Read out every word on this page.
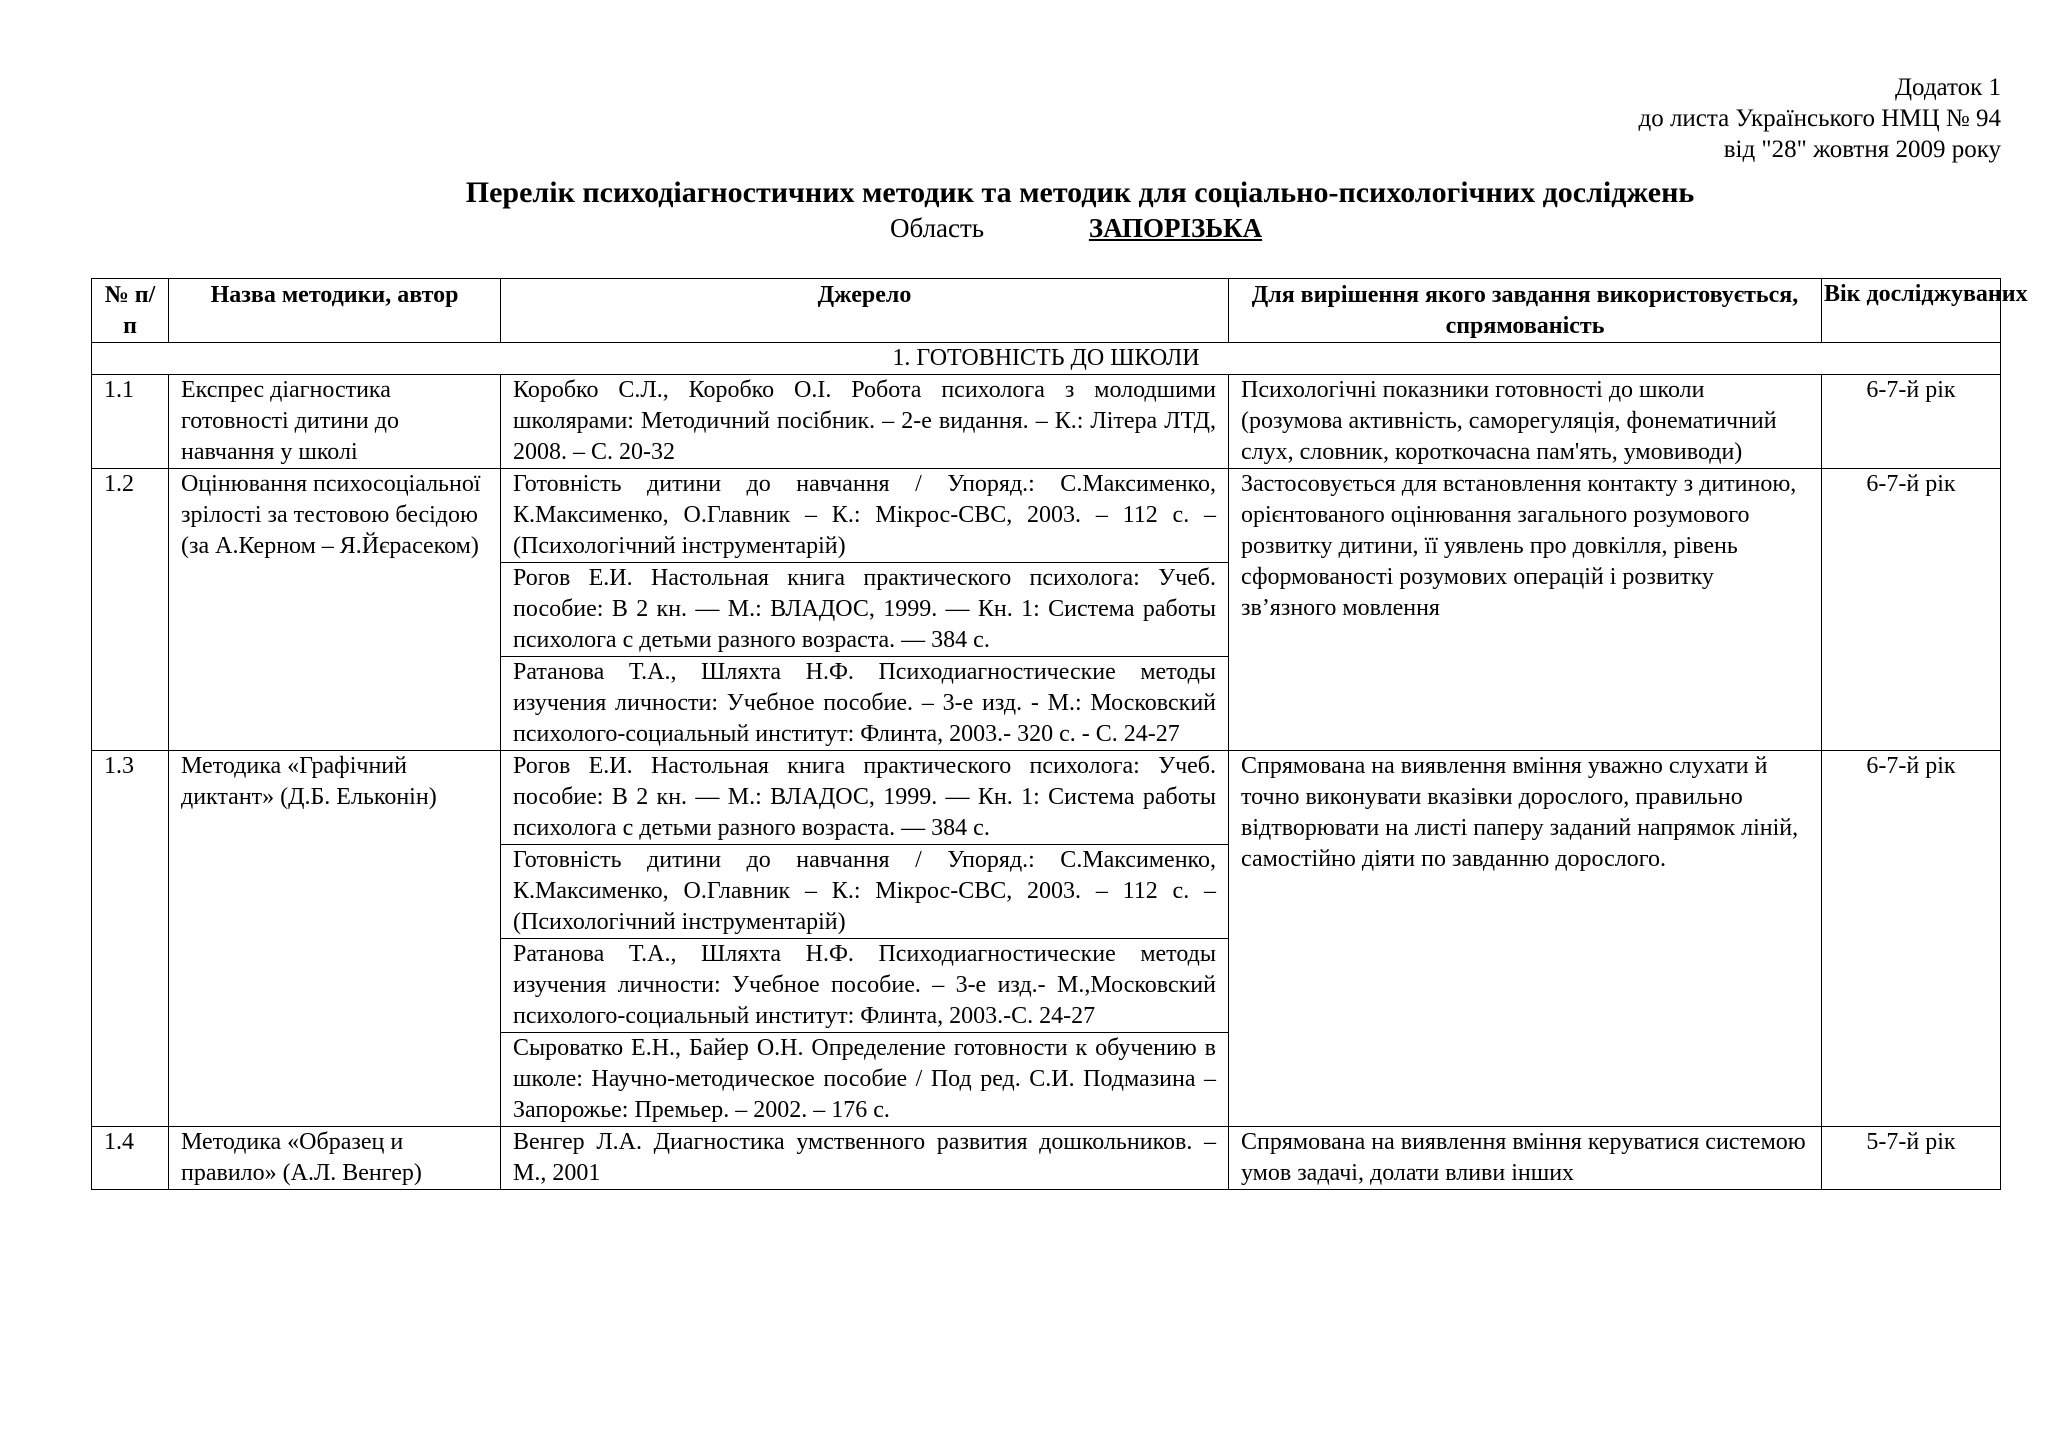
Додаток 1
до листа Українського НМЦ № 94
від "28" жовтня 2009 року
Перелік психодіагностичних методик та методик для соціально-психологічних досліджень
Область	ЗАПОРІЗЬКА
№ п/п	Назва методики, автор	Джерело	Для вирішення якого завдання використовується, спрямованість	Вік досліджуваних
1. ГОТОВНІСТЬ ДО ШКОЛИ				
1.1	Експрес діагностика готовності дитини до навчання у школі	Коробко С.Л., Коробко О.І. Робота психолога з молодшими школярами: Методичний посібник. – 2-е видання. – К.: Літера ЛТД, 2008. – С. 20-32	Психологічні показники готовності до школи (розумова активність, саморегуляція, фонематичний слух, словник, короткочасна пам'ять, умовиводи)	6-7-й рік
1.2	Оцінювання психосоціальної зрілості за тестовою бесідою (за А.Керном – Я.Йєрасеком)	Готовність дитини до навчання / Упоряд.: С.Максименко, К.Максименко, О.Главник – К.: Мікрос-СВС, 2003. – 112 с. – (Психологічний інструментарій)	Застосовується для встановлення контакту з дитиною, орієнтованого оцінювання загального розумового розвитку дитини, її уявлень про довкілля, рівень сформованості розумових операцій і розвитку зв’язного мовлення	6-7-й рік
		Рогов Е.И. Настольная книга практического психолога: Учеб. пособие: В 2 кн. — М.: ВЛАДОС, 1999. — Кн. 1: Система работы психолога с детьми разного возраста. — 384 с.		
		Ратанова Т.А., Шляхта Н.Ф. Психодиагностические методы изучения личности: Учебное пособие. – 3-е изд. - М.: Московский психолого-социальный институт: Флинта, 2003.- 320 с. - С. 24-27		
1.3	Методика «Графічний диктант» (Д.Б. Ельконін)	Рогов Е.И. Настольная книга практического психолога: Учеб. пособие: В 2 кн. — М.: ВЛАДОС, 1999. — Кн. 1: Система работы психолога с детьми разного возраста. — 384 с.	Спрямована на виявлення вміння уважно слухати й точно виконувати вказівки дорослого, правильно відтворювати на листі паперу заданий напрямок ліній, самостійно діяти по завданню дорослого.	6-7-й рік
		Готовність дитини до навчання / Упоряд.: С.Максименко, К.Максименко, О.Главник – К.: Мікрос-СВС, 2003. – 112 с. – (Психологічний інструментарій)		
		Ратанова Т.А., Шляхта Н.Ф. Психодиагностические методы изучения личности: Учебное пособие. – 3-е изд.- М.,Московский психолого-социальный институт: Флинта, 2003.-С. 24-27		
		Сыроватко Е.Н., Байер О.Н. Определение готовности к обучению в школе: Научно-методическое пособие / Под ред. С.И. Подмазина – Запорожье: Премьер. – 2002. – 176 с.		
1.4	Методика «Образец и правило» (А.Л. Венгер)	Венгер Л.А. Диагностика умственного развития дошкольников. – М., 2001	Спрямована на виявлення вміння керуватися системою умов задачі, долати вливи інших	5-7-й рік
